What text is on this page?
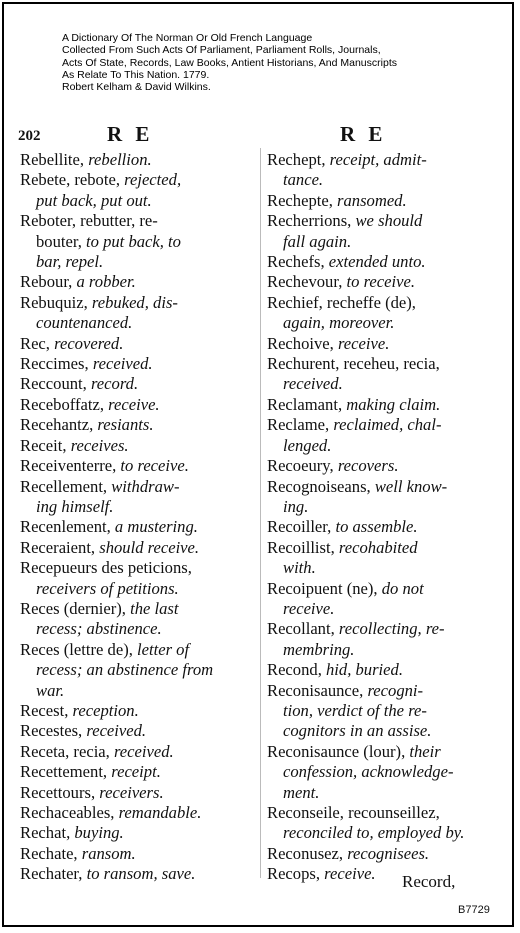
A Dictionary Of The Norman Or Old French Language
Collected From Such Acts Of Parliament, Parliament Rolls, Journals,
Acts Of State, Records, Law Books, Antient Historians, And Manuscripts
As Relate To This Nation. 1779.
Robert Kelham & David Wilkins.
202	R E	R E
Rebellite, rebellion.
Rebete, rebote, rejected,
put back, put out.
Reboter, rebutter, re-
bouter, to put back, to
bar, repel.
Rebour, a robber.
Rebuquiz, rebuked, dis-
countenanced.
Rec, recovered.
Reccimes, received.
Reccount, record.
Receboffatz, receive.
Recehantz, resiants.
Receit, receives.
Receiventerre, to receive.
Recellement, withdraw-
ing himself.
Recenlement, a mustering.
Receraient, should receive.
Recepueurs des peticions,
receivers of petitions.
Reces (dernier), the last
recess; abstinence.
Reces (lettre de), letter of
recess; an abstinence from
war.
Recest, reception.
Recestes, received.
Receta, recia, received.
Recettement, receipt.
Recettours, receivers.
Rechaceables, remandable.
Rechat, buying.
Rechate, ransom.
Rechater, to ransom, save.
Rechept, receipt, admit-
tance.
Rechepte, ransomed.
Recherrions, we should
fall again.
Rechefs, extended unto.
Rechevour, to receive.
Rechief, recheffe (de),
again, moreover.
Rechoive, receive.
Rechurent, receheu, recia,
received.
Reclamant, making claim.
Reclame, reclaimed, chal-
lenged.
Recoeury, recovers.
Recognoiseans, well know-
ing.
Recoiller, to assemble.
Recoillist, recohabited
with.
Recoipuent (ne), do not
receive.
Recollant, recollecting, re-
membring.
Recond, hid, buried.
Reconisaunce, recogni-
tion, verdict of the re-
cognitors in an assise.
Reconisaunce (lour), their
confession, acknowledge-
ment.
Reconseile, recounseillez,
reconciled to, employed by.
Reconusez, recognisees.
Recops, receive.	Record,
B7729
